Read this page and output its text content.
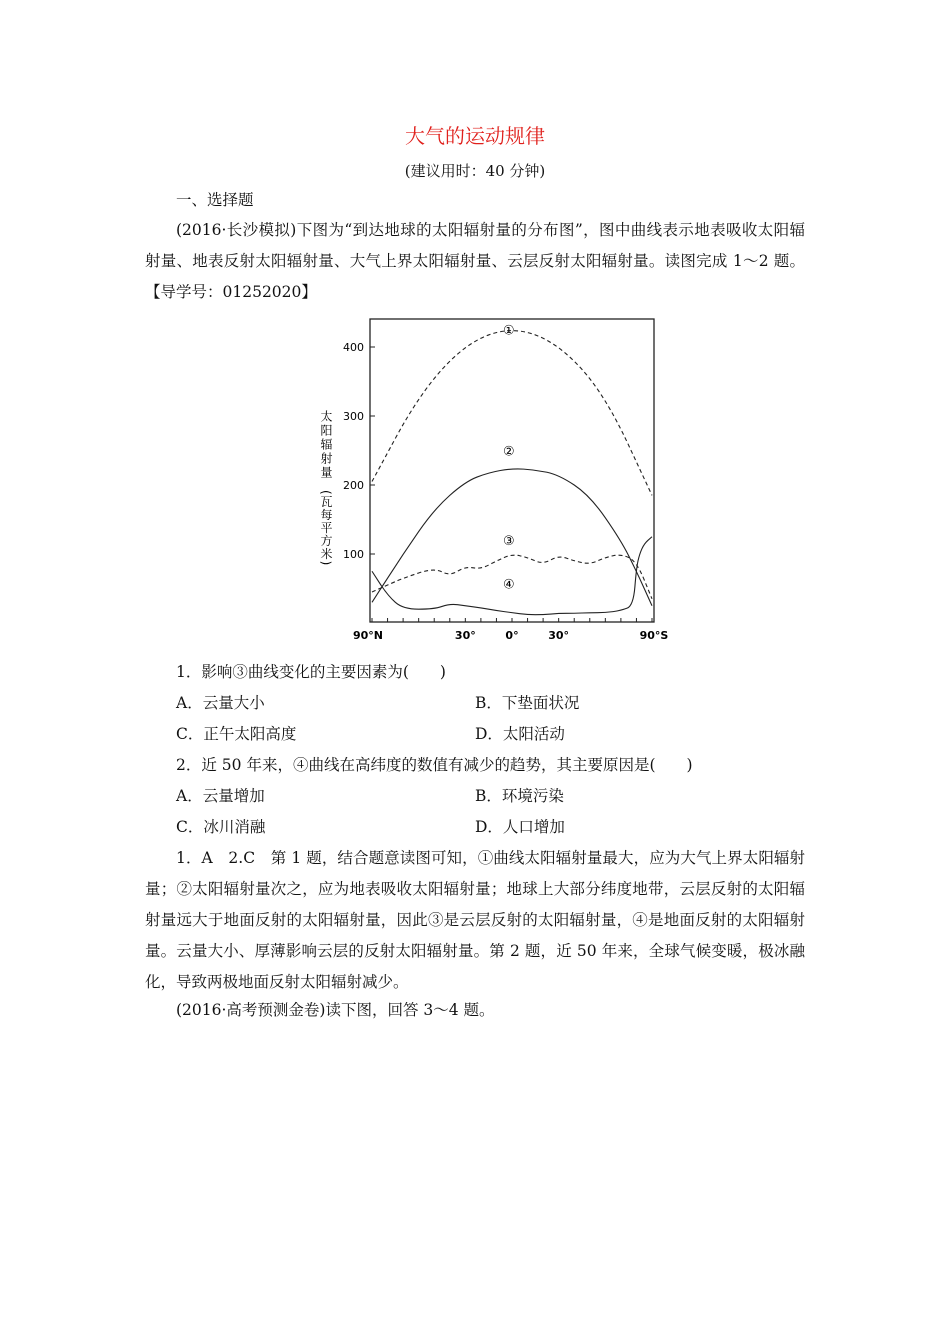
大气的运动规律
(建议用时：40 分钟)
一、选择题
(2016·长沙模拟)下图为“到达地球的太阳辐射量的分布图”，图中曲线表示地表吸收太阳辐射量、地表反射太阳辐射量、大气上界太阳辐射量、云层反射太阳辐射量。读图完成 1～2 题。【导学号：01252020】
400
300
200
100
90°N	30°	0°	30°	90°S
太阳辐射量
(瓦每平方米)
①
②
③
④
1．影响③曲线变化的主要因素为(　　)
A．云量大小	B．下垫面状况
C．正午太阳高度	D．太阳活动
2．近 50 年来，④曲线在高纬度的数值有减少的趋势，其主要原因是(　　)
A．云量增加	B．环境污染
C．冰川消融	D．人口增加
1．A　2.C　第 1 题，结合题意读图可知，①曲线太阳辐射量最大，应为大气上界太阳辐射量；②太阳辐射量次之，应为地表吸收太阳辐射量；地球上大部分纬度地带，云层反射的太阳辐射量远大于地面反射的太阳辐射量，因此③是云层反射的太阳辐射量，④是地面反射的太阳辐射量。云量大小、厚薄影响云层的反射太阳辐射量。第 2 题，近 50 年来，全球气候变暖，极冰融化，导致两极地面反射太阳辐射减少。
(2016·高考预测金卷)读下图，回答 3～4 题。
